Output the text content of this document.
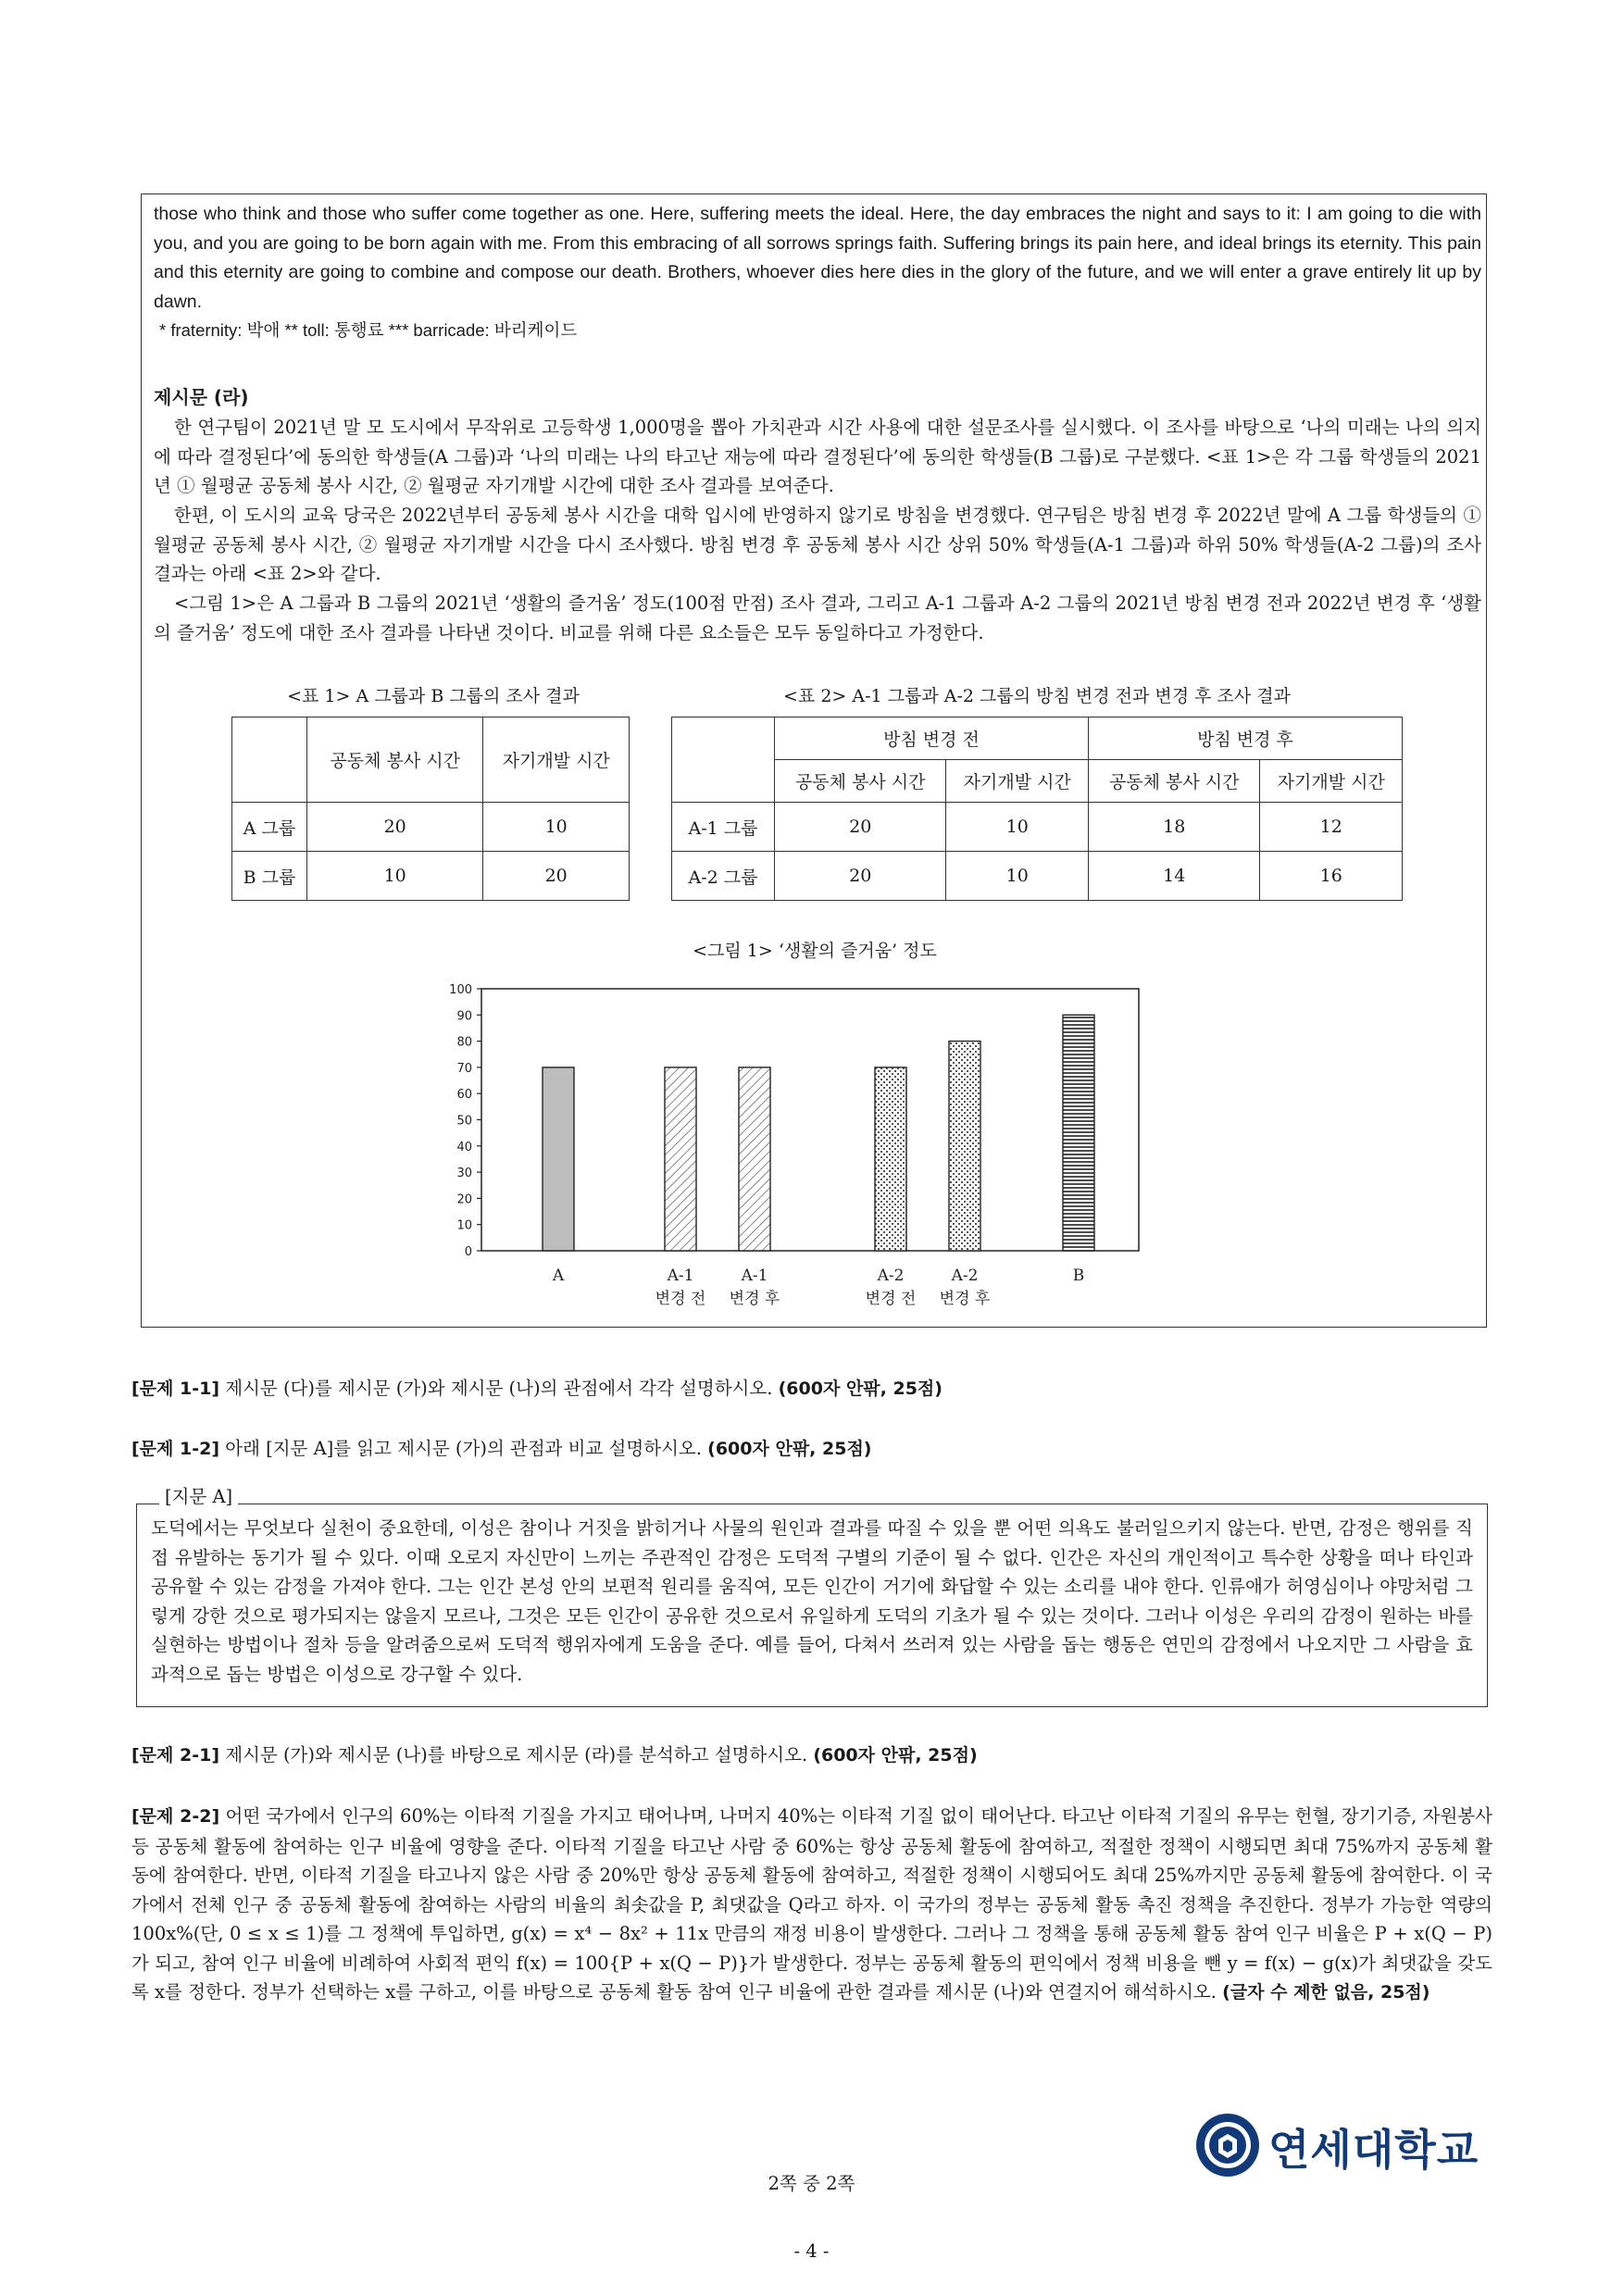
those who think and those who suffer come together as one. Here, suffering meets the ideal. Here, the day embraces the night and says to it: I am going to die with you, and you are going to be born again with me. From this embracing of all sorrows springs faith. Suffering brings its pain here, and ideal brings its eternity. This pain and this eternity are going to combine and compose our death. Brothers, whoever dies here dies in the glory of the future, and we will enter a grave entirely lit up by dawn.

* fraternity: 박애 ** toll: 통행료 *** barricade: 바리케이드
제시문 (라)

한 연구팀이 2021년 말 모 도시에서 무작위로 고등학생 1,000명을 뽑아 가치관과 시간 사용에 대한 설문조사를 실시했다. 이 조사를 바탕으로 ‘나의 미래는 나의 의지에 따라 결정된다’에 동의한 학생들(A 그룹)과 ‘나의 미래는 나의 타고난 재능에 따라 결정된다’에 동의한 학생들(B 그룹)로 구분했다. <표 1>은 각 그룹 학생들의 2021년 ① 월평균 공동체 봉사 시간, ② 월평균 자기개발 시간에 대한 조사 결과를 보여준다.

한편, 이 도시의 교육 당국은 2022년부터 공동체 봉사 시간을 대학 입시에 반영하지 않기로 방침을 변경했다. 연구팀은 방침 변경 후 2022년 말에 A 그룹 학생들의 ① 월평균 공동체 봉사 시간, ② 월평균 자기개발 시간을 다시 조사했다. 방침 변경 후 공동체 봉사 시간 상위 50% 학생들(A-1 그룹)과 하위 50% 학생들(A-2 그룹)의 조사 결과는 아래 <표 2>와 같다.

<그림 1>은 A 그룹과 B 그룹의 2021년 ‘생활의 즐거움’ 정도(100점 만점) 조사 결과, 그리고 A-1 그룹과 A-2 그룹의 2021년 방침 변경 전과 2022년 변경 후 ‘생활의 즐거움’ 정도에 대한 조사 결과를 나타낸 것이다. 비교를 위해 다른 요소들은 모두 동일하다고 가정한다.

<표 1> A 그룹과 B 그룹의 조사 결과
	공동체 봉사 시간	자기개발 시간
A 그룹	20	10
B 그룹	10	20
<표 2> A-1 그룹과 A-2 그룹의 방침 변경 전과 변경 후 조사 결과
	방침 변경 전		방침 변경 후	
	공동체 봉사 시간	자기개발 시간	공동체 봉사 시간	자기개발 시간
A-1 그룹	20	10	18	12
A-2 그룹	20	10	14	16
<그림 1> ‘생활의 즐거움’ 정도
0
10
20
30
40
50
60
70
80
90
100
A	A-1
변경 전
A-1
변경 후
A-2
변경 전
A-2
변경 후
B

[문제 1-1] 제시문 (다)를 제시문 (가)와 제시문 (나)의 관점에서 각각 설명하시오. (600자 안팎, 25점)

[문제 1-2] 아래 [지문 A]를 읽고 제시문 (가)의 관점과 비교 설명하시오. (600자 안팎, 25점)

[지문 A]

도덕에서는 무엇보다 실천이 중요한데, 이성은 참이나 거짓을 밝히거나 사물의 원인과 결과를 따질 수 있을 뿐 어떤 의욕도 불러일으키지 않는다. 반면, 감정은 행위를 직접 유발하는 동기가 될 수 있다. 이때 오로지 자신만이 느끼는 주관적인 감정은 도덕적 구별의 기준이 될 수 없다. 인간은 자신의 개인적이고 특수한 상황을 떠나 타인과 공유할 수 있는 감정을 가져야 한다. 그는 인간 본성 안의 보편적 원리를 움직여, 모든 인간이 거기에 화답할 수 있는 소리를 내야 한다. 인류애가 허영심이나 야망처럼 그렇게 강한 것으로 평가되지는 않을지 모르나, 그것은 모든 인간이 공유한 것으로서 유일하게 도덕의 기초가 될 수 있는 것이다. 그러나 이성은 우리의 감정이 원하는 바를 실현하는 방법이나 절차 등을 알려줌으로써 도덕적 행위자에게 도움을 준다. 예를 들어, 다쳐서 쓰러져 있는 사람을 돕는 행동은 연민의 감정에서 나오지만 그 사람을 효과적으로 돕는 방법은 이성으로 강구할 수 있다.

[문제 2-1] 제시문 (가)와 제시문 (나)를 바탕으로 제시문 (라)를 분석하고 설명하시오. (600자 안팎, 25점)

[문제 2-2] 어떤 국가에서 인구의 60%는 이타적 기질을 가지고 태어나며, 나머지 40%는 이타적 기질 없이 태어난다. 타고난 이타적 기질의 유무는 헌혈, 장기기증, 자원봉사 등 공동체 활동에 참여하는 인구 비율에 영향을 준다. 이타적 기질을 타고난 사람 중 60%는 항상 공동체 활동에 참여하고, 적절한 정책이 시행되면 최대 75%까지 공동체 활동에 참여한다. 반면, 이타적 기질을 타고나지 않은 사람 중 20%만 항상 공동체 활동에 참여하고, 적절한 정책이 시행되어도 최대 25%까지만 공동체 활동에 참여한다. 이 국가에서 전체 인구 중 공동체 활동에 참여하는 사람의 비율의 최솟값을 P, 최댓값을 Q라고 하자. 이 국가의 정부는 공동체 활동 촉진 정책을 추진한다. 정부가 가능한 역량의 100x%(단, 0 ≤ x ≤ 1)를 그 정책에 투입하면, g(x) = x⁴ − 8x² + 11x 만큼의 재정 비용이 발생한다. 그러나 그 정책을 통해 공동체 활동 참여 인구 비율은 P + x(Q − P)가 되고, 참여 인구 비율에 비례하여 사회적 편익 f(x) = 100{P + x(Q − P)}가 발생한다. 정부는 공동체 활동의 편익에서 정책 비용을 뺀 y = f(x) − g(x)가 최댓값을 갖도록 x를 정한다. 정부가 선택하는 x를 구하고, 이를 바탕으로 공동체 활동 참여 인구 비율에 관한 결과를 제시문 (나)와 연결지어 해석하시오. (글자 수 제한 없음, 25점)

2쪽 중 2쪽
- 4 -
연세대학교
